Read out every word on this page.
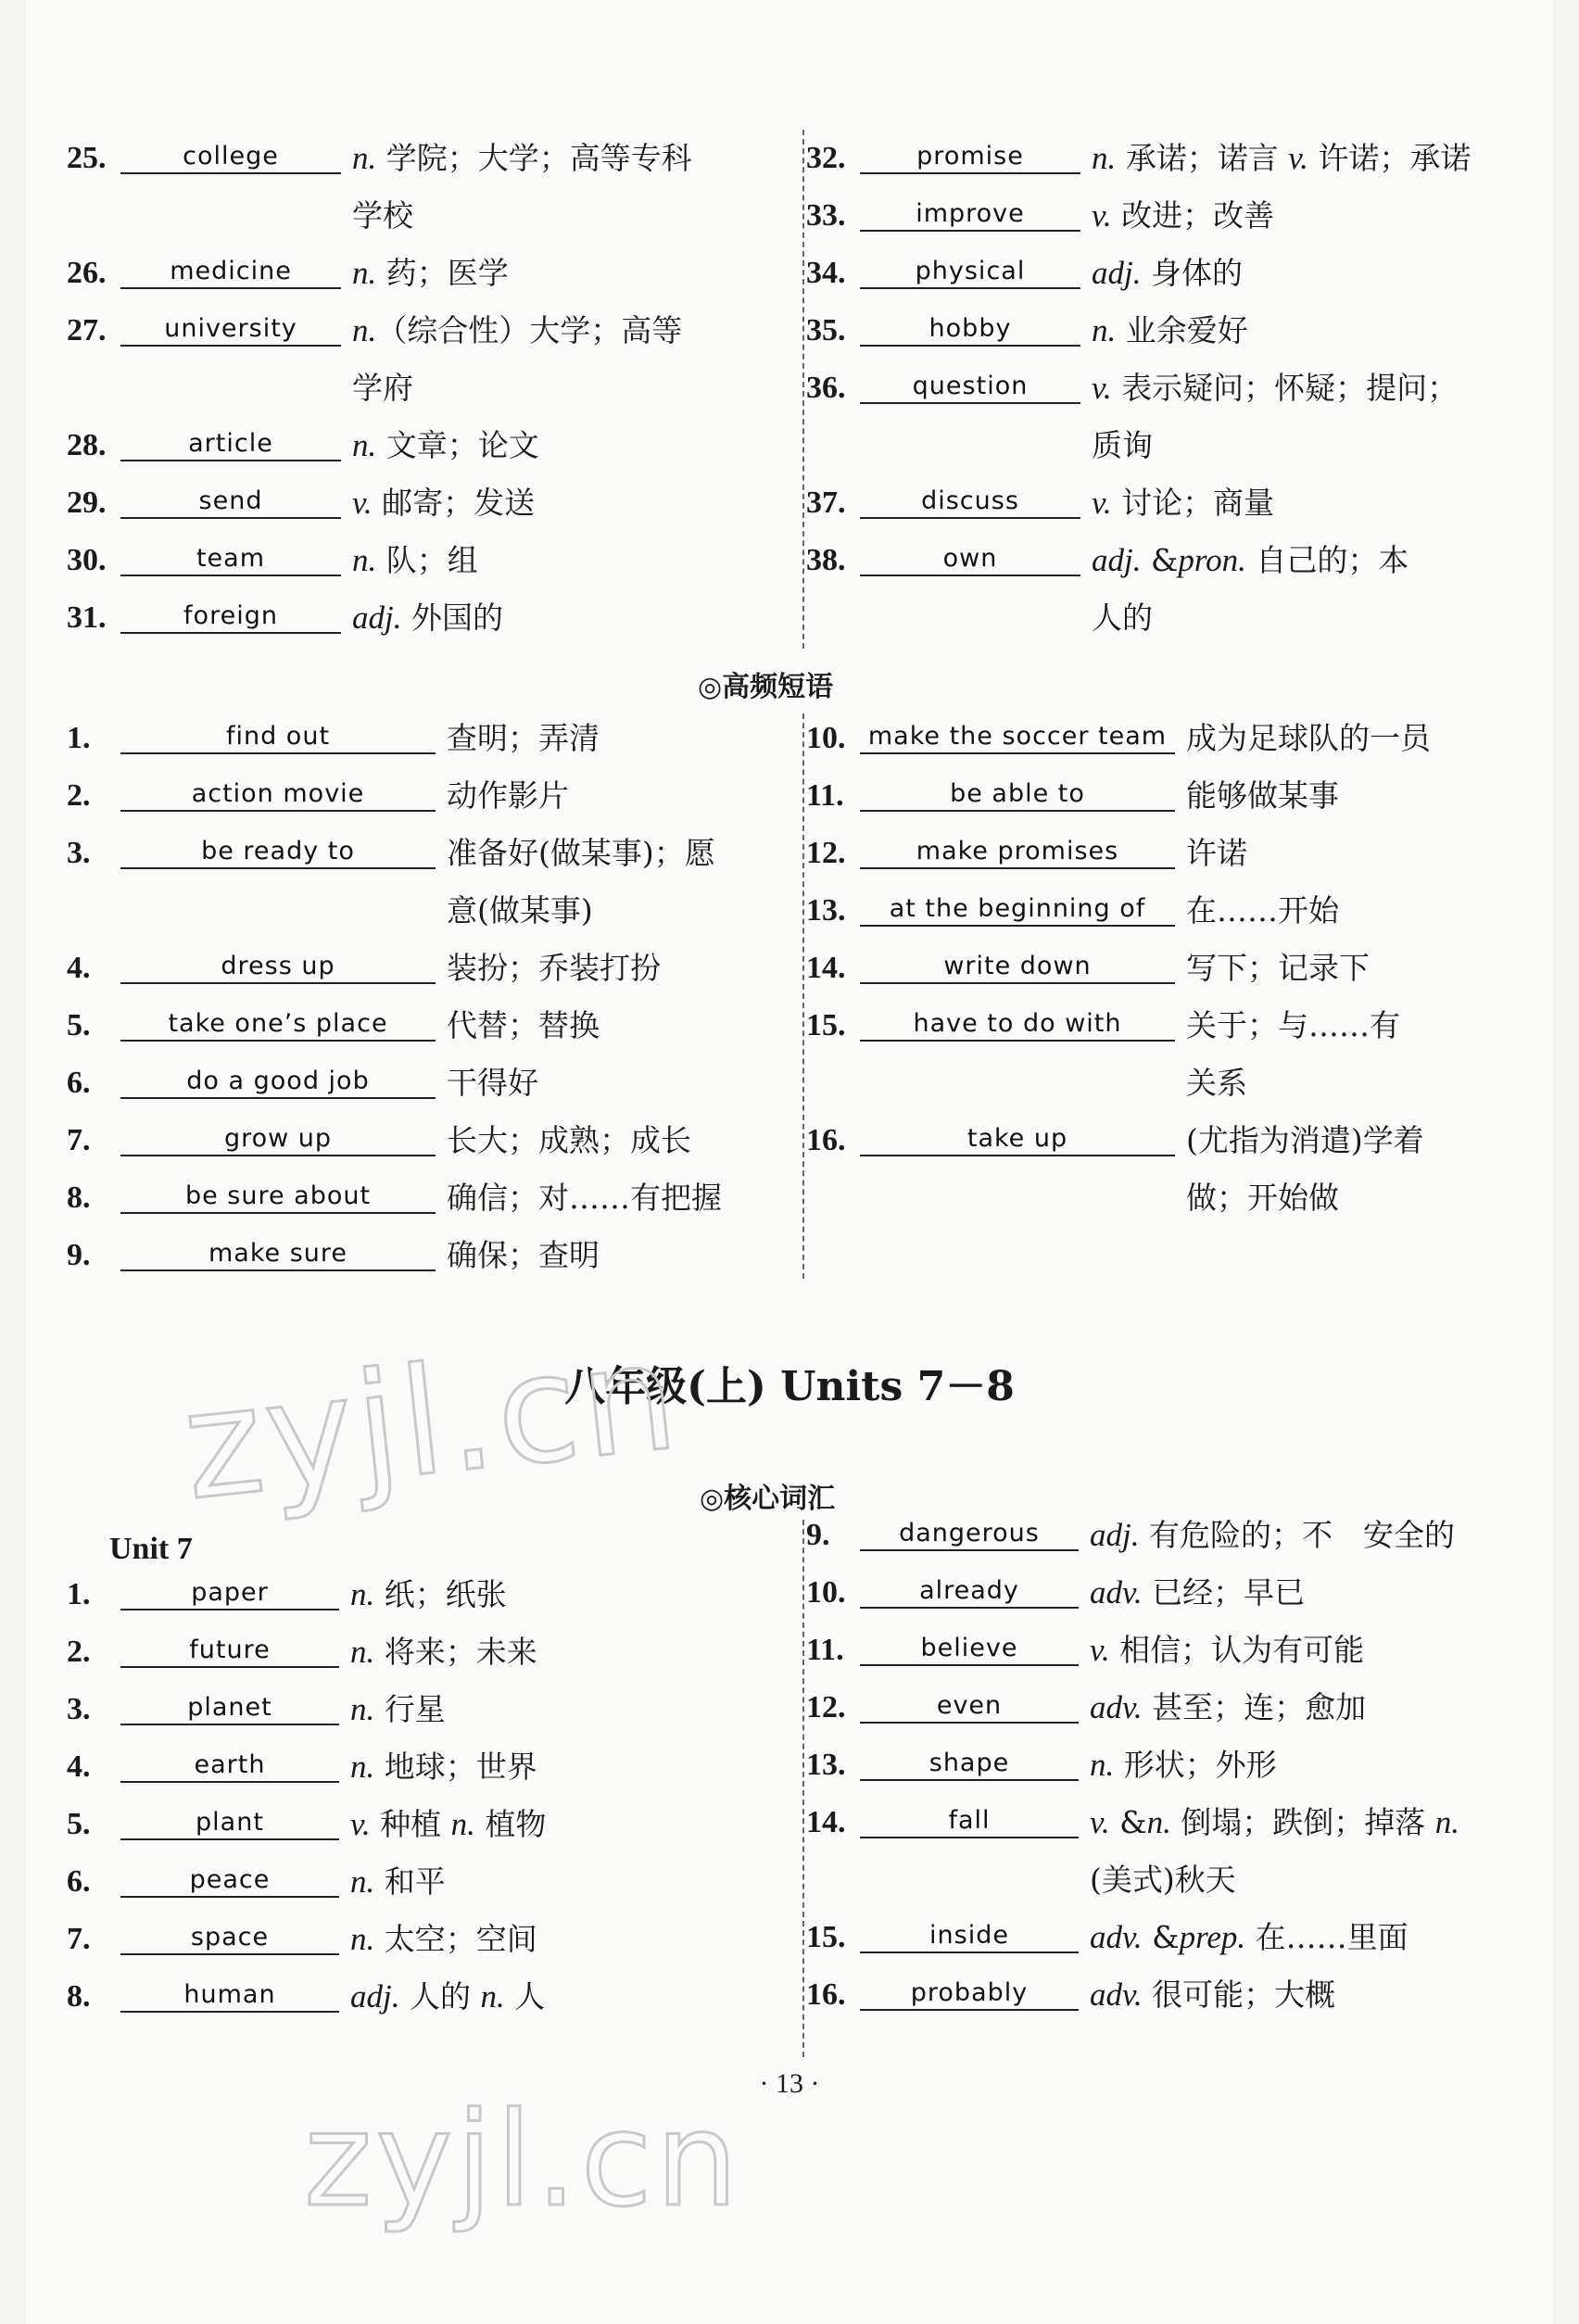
25.	college	n. 学院；大学；高等专科
学校
26.	medicine	n. 药；医学
27.	university	n.（综合性）大学；高等
学府
28.	article	n. 文章；论文
29.	send	v. 邮寄；发送
30.	team	n. 队；组
31.	foreign	adj. 外国的
32.	promise	n. 承诺；诺言 v. 许诺；承诺
33.	improve	v. 改进；改善
34.	physical	adj. 身体的
35.	hobby	n. 业余爱好
36.	question	v. 表示疑问；怀疑；提问；
质询
37.	discuss	v. 讨论；商量
38.	own	adj. &pron. 自己的；本
人的
◎高频短语
1.	find out	查明；弄清
2.	action movie	动作影片
3.	be ready to	准备好(做某事)；愿
意(做某事)
4.	dress up	装扮；乔装打扮
5.	take one’s place	代替；替换
6.	do a good job	干得好
7.	grow up	长大；成熟；成长
8.	be sure about	确信；对……有把握
9.	make sure	确保；查明
10. make the soccer team 成为足球队的一员
11.	be able to	能够做某事
12.	make promises	许诺
13.	at the beginning of	在……开始
14.	write down	写下；记录下
15.	have to do with	关于；与……有
关系
16.	take up	(尤指为消遣)学着
做；开始做
八年级(上) Units 7－8
zyjl.cn ◎核心词汇
Unit 7
1.	paper	n. 纸；纸张
2.	future	n. 将来；未来
3.	planet	n. 行星
4.	earth	n. 地球；世界
5.	plant	v. 种植 n. 植物
6.	peace	n. 和平
7.	space	n. 太空；空间
8.	human	adj. 人的 n. 人
9.	dangerous	adj. 有危险的；不　安全的
10.	already	adv. 已经；早已
11.	believe	v. 相信；认为有可能
12.	even	adv. 甚至；连；愈加
13.	shape	n. 形状；外形
14.	fall	v. &n. 倒塌；跌倒；掉落 n.
(美式)秋天
15.	inside	adv. &prep. 在……里面
16.	probably	adv. 很可能；大概
· 13 ·
zyjl.cn
